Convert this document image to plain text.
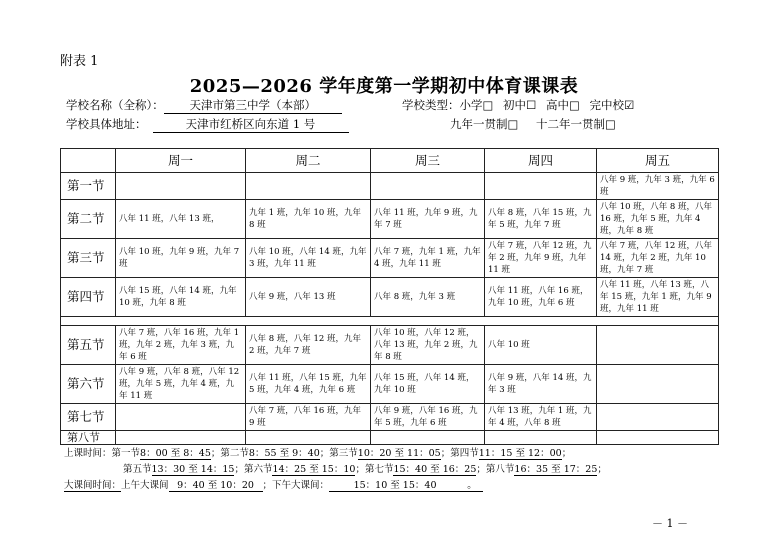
附表 1
2025—2026 学年度第一学期初中体育课课表
学校名称（全称）： 天津市第三中学（本部）	学校类型：小学□ 初中☐ 高中□ 完中校☑
学校具体地址：	天津市红桥区向东道 1 号	九年一贯制□ 十二年一贯制□
	周一	周二	周三	周四	周五
第一节					八年 9 班，九年 3 班，九年 6 班
第二节	八年 11 班，八年 13 班，	九年 1 班，九年 10 班，九年 8 班	八年 11 班，九年 9 班，九年 7 班	八年 8 班，八年 15 班，九年 5 班，九年 7 班	八年 10 班，八年 8 班，八年 16 班，九年 5 班，九年 4 班，九年 8 班
第三节	八年 10 班，九年 9 班，九年 7 班	八年 10 班，八年 14 班，九年 3 班，九年 11 班	八年 7 班，九年 1 班，九年 4 班，九年 11 班	八年 7 班，八年 12 班，九年 2 班，九年 9 班，九年 11 班	八年 7 班，八年 12 班，八年 14 班，九年 2 班，九年 10 班，九年 7 班
第四节	八年 15 班，八年 14 班，九年 10 班，九年 8 班	八年 9 班，八年 13 班	八年 8 班，九年 3 班	八年 11 班，八年 16 班，九年 10 班，九年 6 班	八年 11 班，八年 13 班，八年 15 班，九年 1 班，九年 9 班，九年 11 班

第五节	八年 7 班，八年 16 班，九年 1 班，九年 2 班，九年 3 班，九年 6 班	八年 8 班，八年 12 班，九年 2 班，九年 7 班	八年 10 班，八年 12 班，八年 13 班，九年 2 班，九年 8 班	八年 10 班	
第六节	八年 9 班，八年 8 班，八年 12 班，九年 5 班，九年 4 班，九年 11 班	八年 11 班，八年 15 班，九年 5 班，九年 4 班，九年 6 班	八年 15 班，八年 14 班，九年 10 班	八年 9 班，八年 14 班，九年 3 班	
第七节		八年 7 班，八年 16 班，九年 9 班	八年 9 班，八年 16 班，九年 5 班，九年 6 班	八年 13 班，九年 1 班，九年 4 班，八年 8 班	
第八节					
上课时间：第一节8：00 至 8：45；第二节8：55 至 9：40；第三节10：20 至 11：05；第四节11：15 至 12：00；
第五节13：30 至 14：15；第六节14：25 至 15：10；第七节15：40 至 16：25；第八节16：35 至 17：25；
大课间时间：上午大课间 9：40 至 10：20 ；下午大课间：	15：10 至 15：40	。
－ 1 －
